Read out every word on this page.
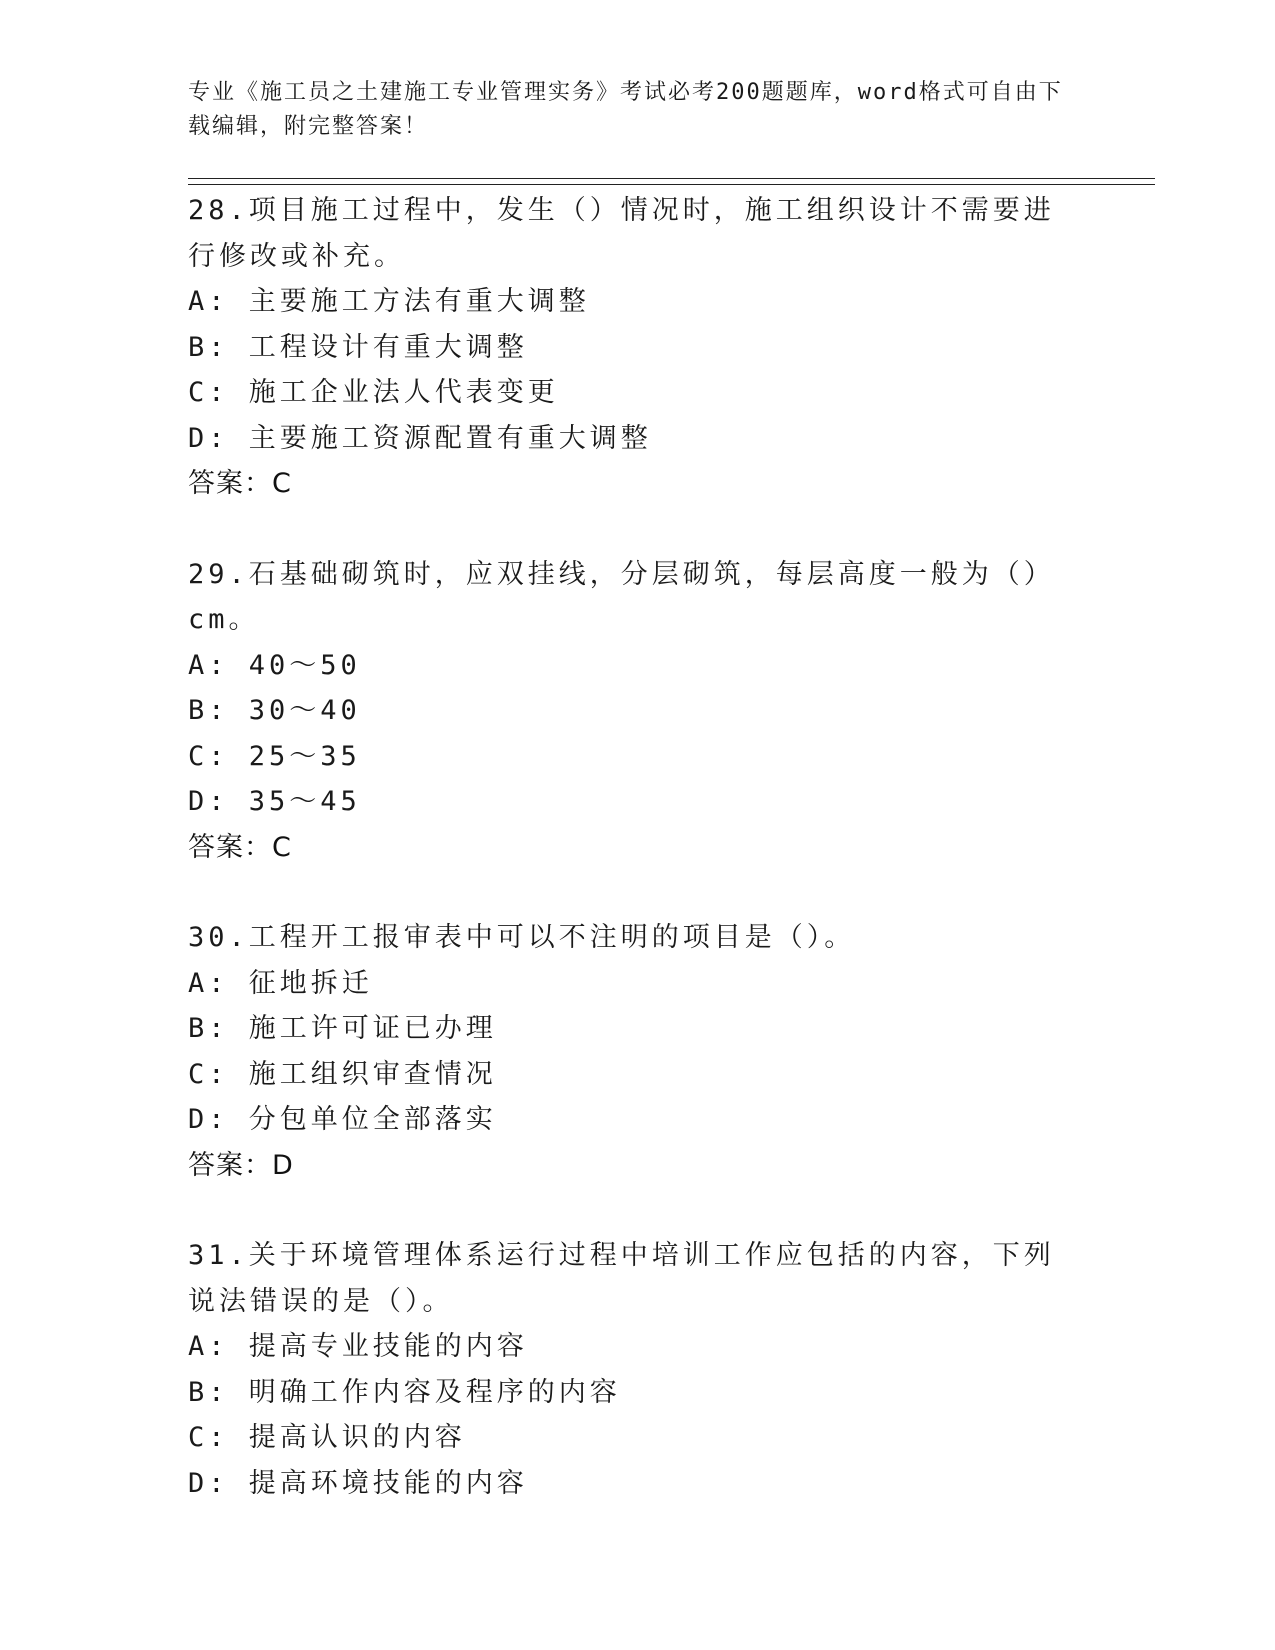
专业《施工员之土建施工专业管理实务》考试必考200题题库，word格式可自由下载编辑，附完整答案！
28.项目施工过程中，发生（）情况时，施工组织设计不需要进行修改或补充。
A: 主要施工方法有重大调整
B: 工程设计有重大调整
C: 施工企业法人代表变更
D: 主要施工资源配置有重大调整
答案：C
29.石基础砌筑时，应双挂线，分层砌筑，每层高度一般为（）cm。
A: 40～50
B: 30～40
C: 25～35
D: 35～45
答案：C
30.工程开工报审表中可以不注明的项目是（）。
A: 征地拆迁
B: 施工许可证已办理
C: 施工组织审查情况
D: 分包单位全部落实
答案：D
31.关于环境管理体系运行过程中培训工作应包括的内容，下列说法错误的是（）。
A: 提高专业技能的内容
B: 明确工作内容及程序的内容
C: 提高认识的内容
D: 提高环境技能的内容
